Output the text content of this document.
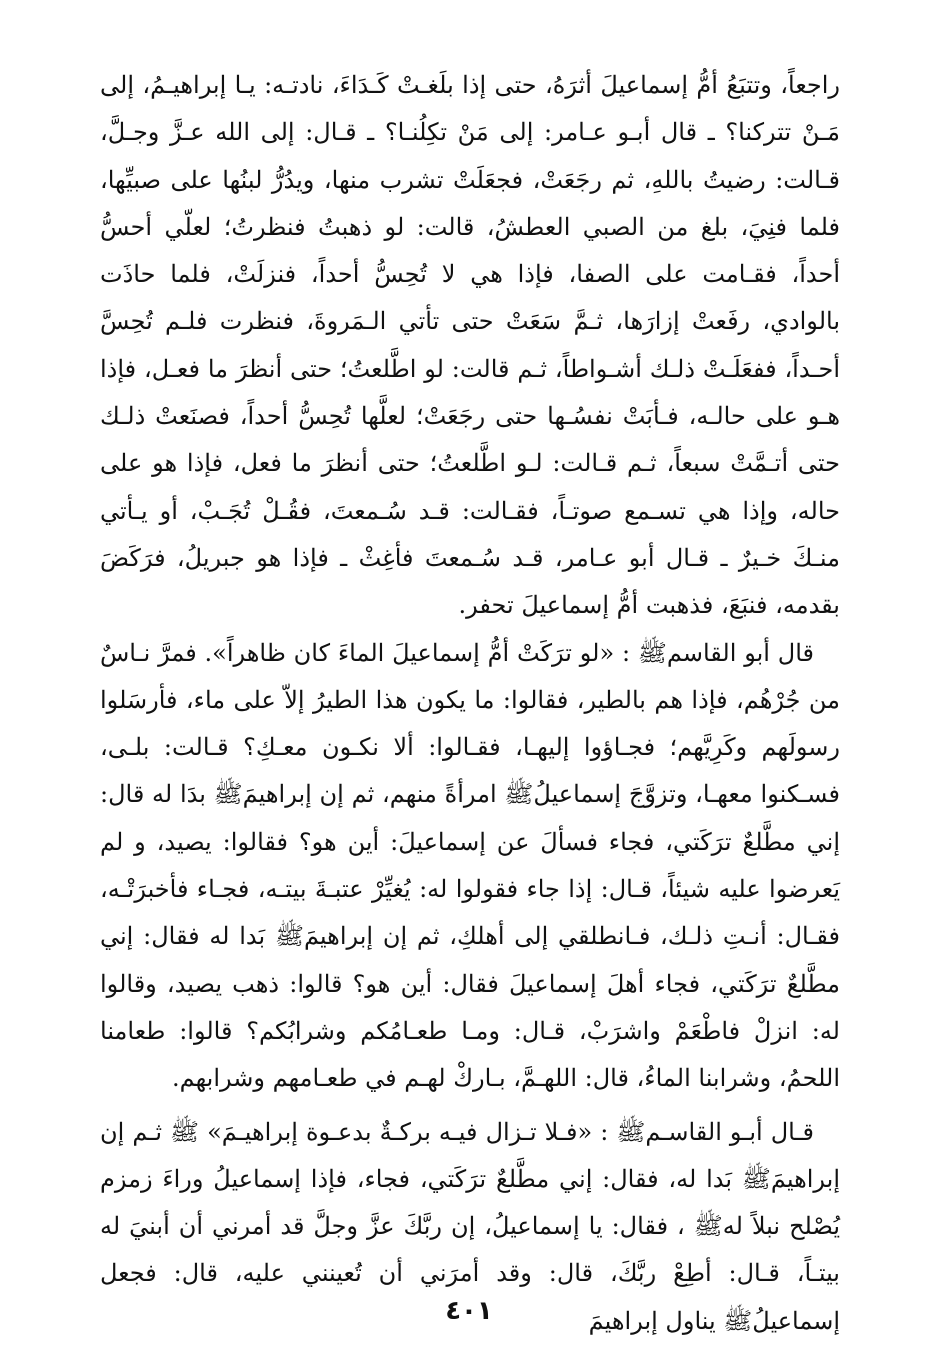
راجعاً، وتتبَعُ أمُّ إسماعيلَ أثرَهُ، حتى إذا بلَغـتْ كَـدَاءَ، نادتـه: يـا إبراهيـمُ، إلى مَـنْ تتركنا؟ ـ قال أبـو عـامر: إلى مَنْ تكِلُنـا؟ ـ قـال: إلى الله عـزَّ وجـلَّ، قـالت: رضيتُ باللهِ، ثم رجَعَتْ، فجعَلَتْ تشرب منها، ويدُرُّ لبنُها على صبيِّها، فلما فنِيَ، بلغ من الصبي العطشُ، قالت: لو ذهبتُ فنظرتُ؛ لعلّي أحسُّ أحداً، فقـامت على الصفا، فإذا هي لا تُحِسُّ أحداً، فنزلَتْ، فلما حاذَت بالوادي، رفَعتْ إزارَها، ثـمَّ سَعَتْ حتى تأتي الـمَروةَ، فنظرت فلـم تُحِسَّ أحـداً، ففعَلَـتْ ذلـك أشـواطاً، ثـم قالت: لو اطَّلعتُ؛ حتى أنظرَ ما فعـل، فإذا هـو على حالـه، فـأبَتْ نفسُـها حتى رجَعَتْ؛ لعلَّها تُحِسُّ أحداً، فصنَعتْ ذلـك حتى أتـمَّتْ سبعاً، ثـم قـالت: لـو اطَّلعتُ؛ حتى أنظرَ ما فعل، فإذا هو على حاله، وإذا هي تسـمع صوتـاً، فقـالت: قـد سُـمعتَ، فقُـلْ تُجَـبْ، أو يـأتي منـكَ خـيرٌ ـ قـال أبو عـامر، قـد سُـمعتَ فأغِثْ ـ فإذا هو جبريلُ، فرَكَضَ بقدمه، فنبَعَ، فذهبت أمُّ إسماعيلَ تحفر.

قال أبو القاسمﷺ : «لو ترَكَتْ أمُّ إسماعيلَ الماءَ كان ظاهراً». فمرَّ نـاسٌ من جُرْهُم، فإذا هم بالطير، فقالوا: ما يكون هذا الطيرُ إلاّ على ماء، فأرسَلوا رسولَهم وكَرِيَّهم؛ فجـاؤوا إليهـا، فقـالوا: ألا نكـون معـكِ؟ قـالت: بلـى، فسـكنوا معهـا، وتزوَّجَ إسماعيلُﷺ امرأةً منهم، ثم إن إبراهيمَﷺ بدَا له قال: إني مطَّلعٌ ترَكَتي، فجاء فسألَ عن إسماعيلَ: أين هو؟ فقالوا: يصيد، و لم يَعرضوا عليه شيئاً، قـال: إذا جاء فقولوا له: يُغيِّرْ عتبـةَ بيتـه، فجـاء فأخبرَتْـه، فقـال: أنـتِ ذلـك، فـانطلقي إلى أهلكِ، ثم إن إبراهيمَﷺ بَدا له فقال: إني مطَّلعٌ ترَكَتي، فجاء أهلَ إسماعيلَ فقال: أين هو؟ قالوا: ذهب يصيد، وقالوا له: انزلْ فاطْعَمْ واشرَبْ، قـال: ومـا طعـامُكم وشرابُكم؟ قالوا: طعامنا اللحمُ، وشرابنا الماءُ، قال: اللهـمَّ، بـاركْ لهـم في طعـامهم وشرابهم.

قـال أبـو القاسـمﷺ : «فـلا تـزال فيـه بركـةٌ بدعـوة إبراهيـمَ» ﷺ ثـم إن إبراهيمَﷺ بَدا له، فقال: إني مطَّلعٌ ترَكَتي، فجاء، فإذا إسماعيلُ وراءَ زمزم يُصْلح نبلاً لهﷺ ، فقال: يا إسماعيلُ، إن ربَّكَ عزَّ وجلَّ قد أمرني أن أبنيَ له بيتـاً، قـال: أطِعْ ربَّكَ، قال: وقد أمرَني أن تُعينني عليه، قال: فجعل إسماعيلُﷺ يناول إبراهيمَ

٤٠١
